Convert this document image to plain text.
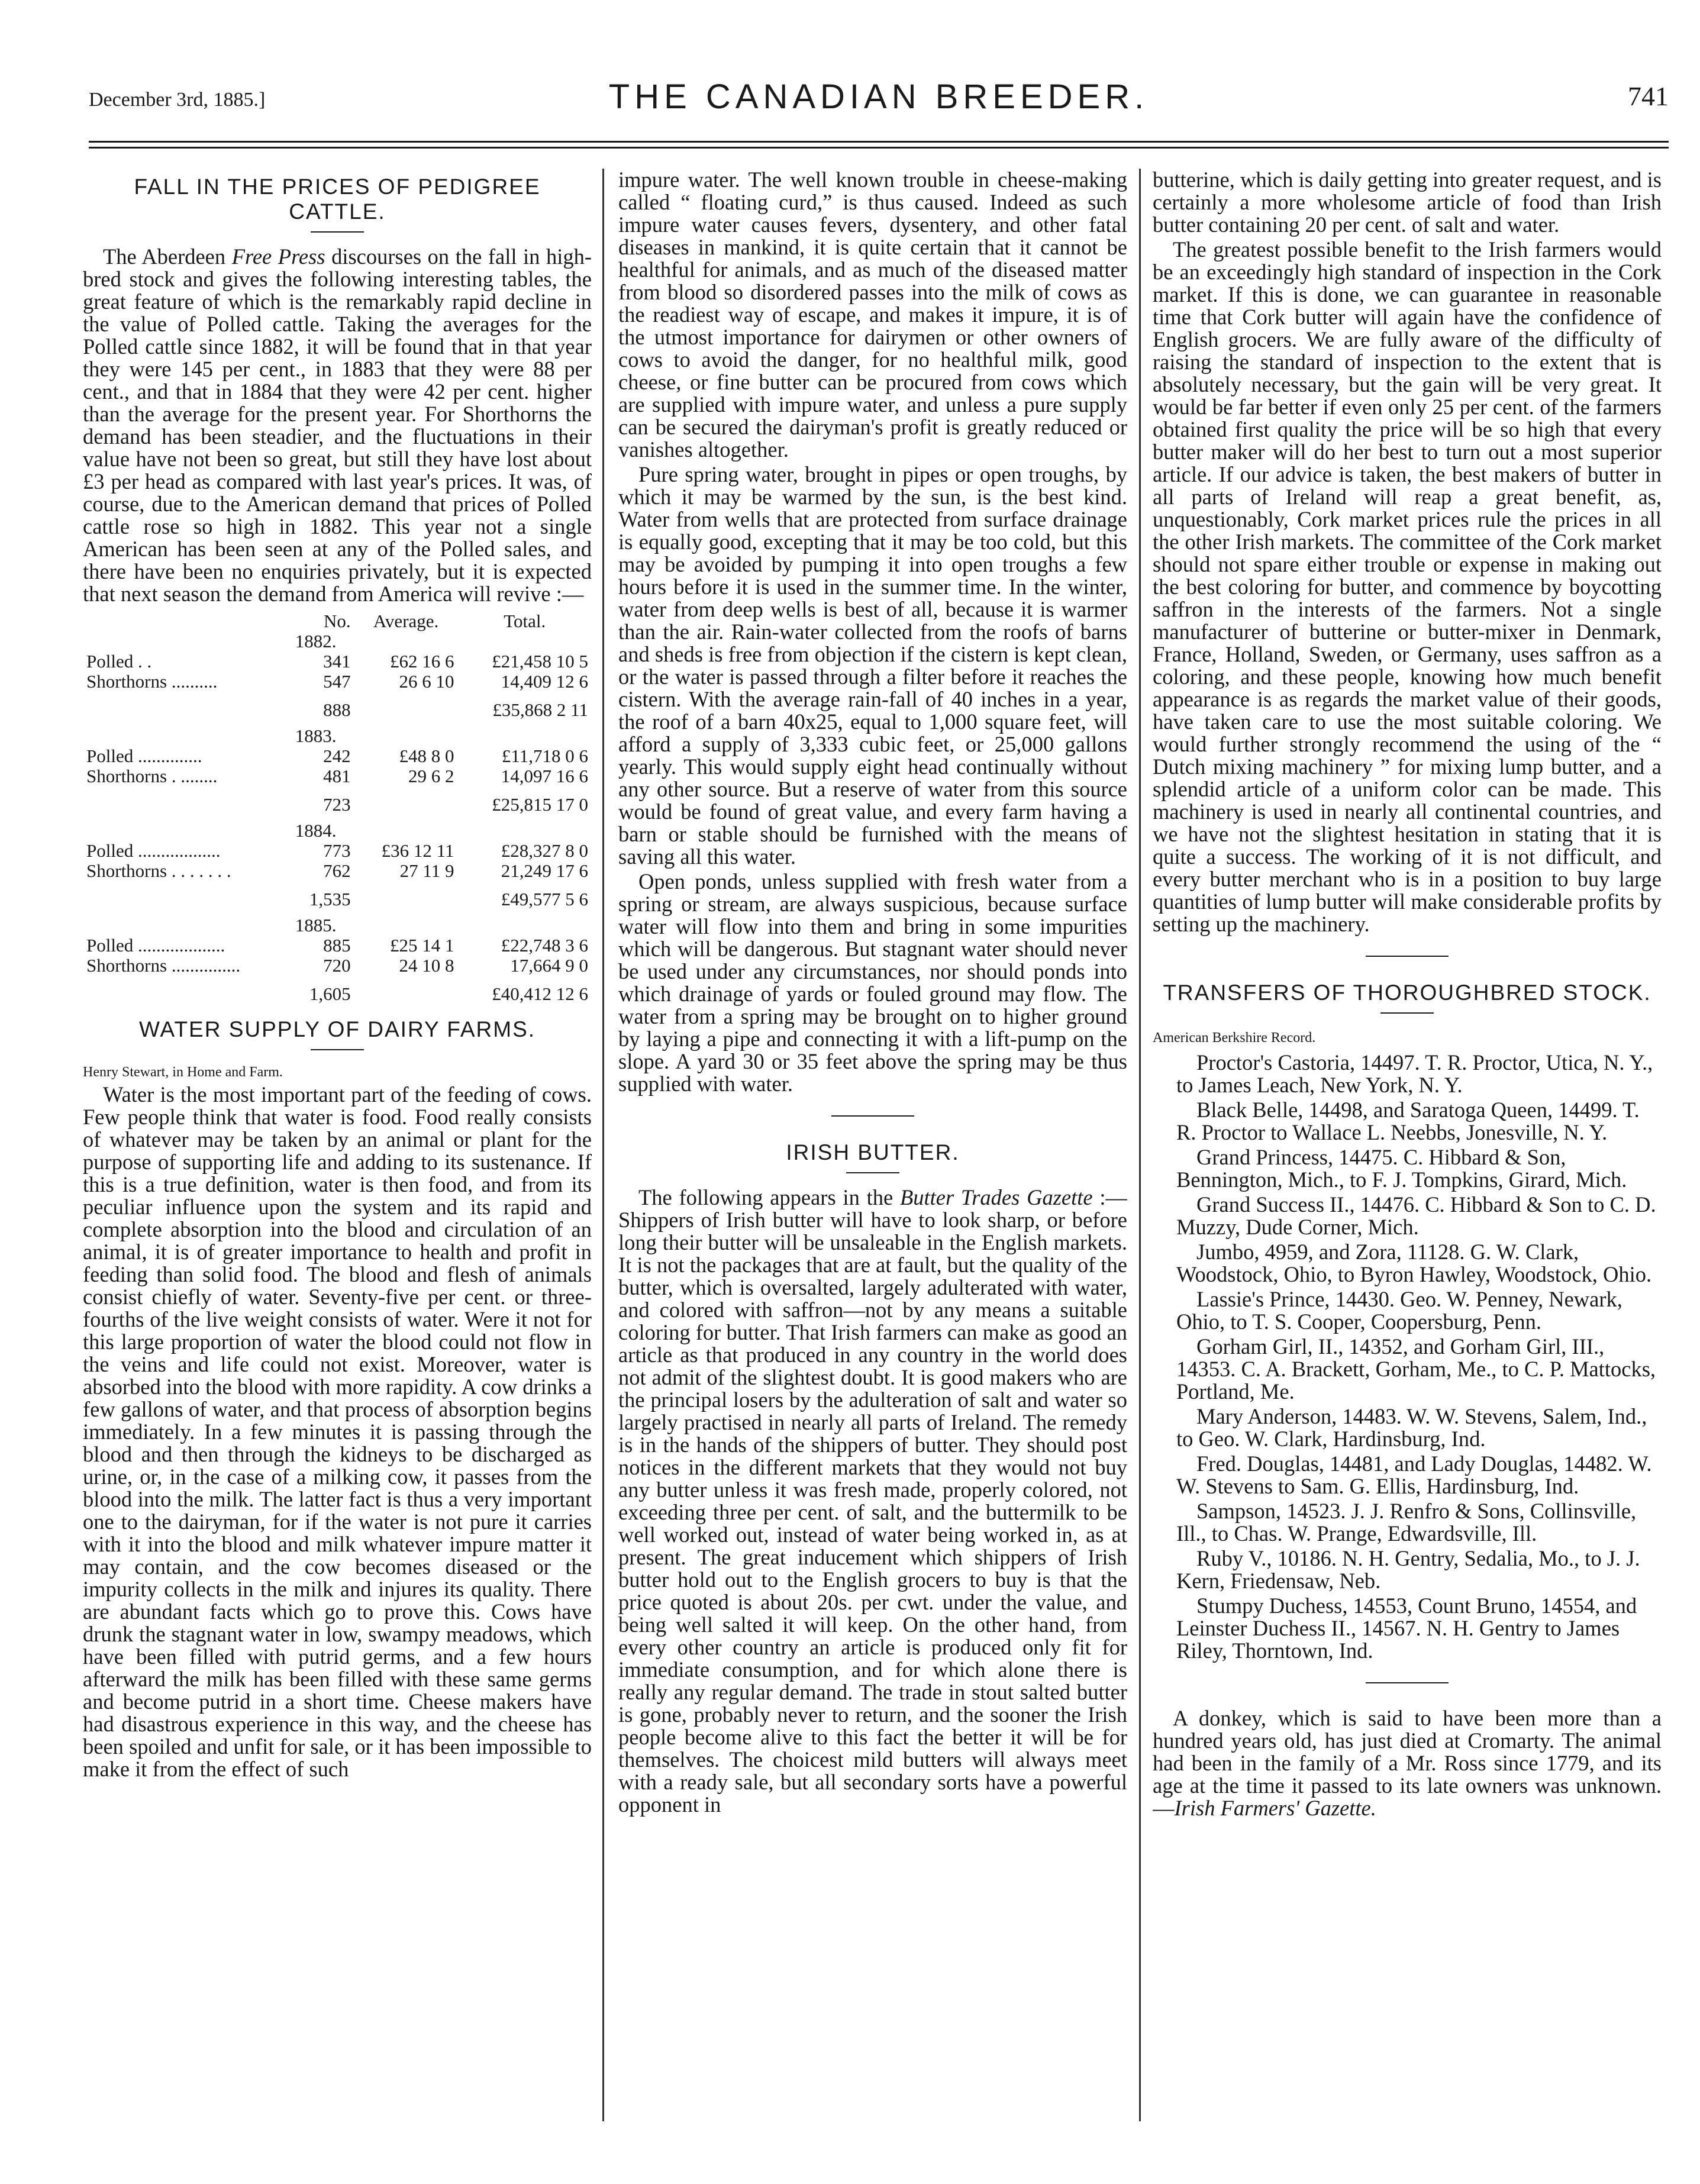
December 3rd, 1885.]	THE CANADIAN BREEDER.	741
FALL IN THE PRICES OF PEDIGREE CATTLE.

The Aberdeen Free Press discourses on the fall in high-bred stock and gives the following interesting tables, the great feature of which is the remarkably rapid decline in the value of Polled cattle. Taking the averages for the Polled cattle since 1882, it will be found that in that year they were 145 per cent., in 1883 that they were 88 per cent., and that in 1884 that they were 42 per cent. higher than the average for the present year. For Shorthorns the demand has been steadier, and the fluctuations in their value have not been so great, but still they have lost about £3 per head as compared with last year's prices. It was, of course, due to the American demand that prices of Polled cattle rose so high in 1882. This year not a single American has been seen at any of the Polled sales, and there have been no enquiries privately, but it is expected that next season the demand from America will revive :—

	No.	Average.	Total.
	1882.		
Polled . .	341	£62 16 6	£21,458 10 5
Shorthorns ..........	547	26 6 10	14,409 12 6
	888		£35,868 2 11
	1883.		
Polled ..............	242	£48 8 0	£11,718 0 6
Shorthorns . ........	481	29 6 2	14,097 16 6
	723		£25,815 17 0
	1884.		
Polled ..................	773	£36 12 11	£28,327 8 0
Shorthorns . . . . . . .	762	27 11 9	21,249 17 6
	1,535		£49,577 5 6
	1885.		
Polled ...................	885	£25 14 1	£22,748 3 6
Shorthorns ...............	720	24 10 8	17,664 9 0
	1,605		£40,412 12 6
WATER SUPPLY OF DAIRY FARMS.

Henry Stewart, in Home and Farm.

Water is the most important part of the feeding of cows. Few people think that water is food. Food really consists of whatever may be taken by an animal or plant for the purpose of supporting life and adding to its sustenance. If this is a true definition, water is then food, and from its peculiar influence upon the system and its rapid and complete absorption into the blood and circulation of an animal, it is of greater importance to health and profit in feeding than solid food. The blood and flesh of animals consist chiefly of water. Seventy-five per cent. or three-fourths of the live weight consists of water. Were it not for this large proportion of water the blood could not flow in the veins and life could not exist. Moreover, water is absorbed into the blood with more rapidity. A cow drinks a few gallons of water, and that process of absorption begins immediately. In a few minutes it is passing through the blood and then through the kidneys to be discharged as urine, or, in the case of a milking cow, it passes from the blood into the milk. The latter fact is thus a very important one to the dairyman, for if the water is not pure it carries with it into the blood and milk whatever impure matter it may contain, and the cow becomes diseased or the impurity collects in the milk and injures its quality. There are abundant facts which go to prove this. Cows have drunk the stagnant water in low, swampy meadows, which have been filled with putrid germs, and a few hours afterward the milk has been filled with these same germs and become putrid in a short time. Cheese makers have had disastrous experience in this way, and the cheese has been spoiled and unfit for sale, or it has been impossible to make it from the effect of such

impure water. The well known trouble in cheese-making called “ floating curd,” is thus caused. Indeed as such impure water causes fevers, dysentery, and other fatal diseases in mankind, it is quite certain that it cannot be healthful for animals, and as much of the diseased matter from blood so disordered passes into the milk of cows as the readiest way of escape, and makes it impure, it is of the utmost importance for dairymen or other owners of cows to avoid the danger, for no healthful milk, good cheese, or fine butter can be procured from cows which are supplied with impure water, and unless a pure supply can be secured the dairyman's profit is greatly reduced or vanishes altogether.

Pure spring water, brought in pipes or open troughs, by which it may be warmed by the sun, is the best kind. Water from wells that are protected from surface drainage is equally good, excepting that it may be too cold, but this may be avoided by pumping it into open troughs a few hours before it is used in the summer time. In the winter, water from deep wells is best of all, because it is warmer than the air. Rain-water collected from the roofs of barns and sheds is free from objection if the cistern is kept clean, or the water is passed through a filter before it reaches the cistern. With the average rain-fall of 40 inches in a year, the roof of a barn 40x25, equal to 1,000 square feet, will afford a supply of 3,333 cubic feet, or 25,000 gallons yearly. This would supply eight head continually without any other source. But a reserve of water from this source would be found of great value, and every farm having a barn or stable should be furnished with the means of saving all this water.

Open ponds, unless supplied with fresh water from a spring or stream, are always suspicious, because surface water will flow into them and bring in some impurities which will be dangerous. But stagnant water should never be used under any circumstances, nor should ponds into which drainage of yards or fouled ground may flow. The water from a spring may be brought on to higher ground by laying a pipe and connecting it with a lift-pump on the slope. A yard 30 or 35 feet above the spring may be thus supplied with water.

IRISH BUTTER.

The following appears in the Butter Trades Gazette :—Shippers of Irish butter will have to look sharp, or before long their butter will be unsaleable in the English markets. It is not the packages that are at fault, but the quality of the butter, which is oversalted, largely adulterated with water, and colored with saffron—not by any means a suitable coloring for butter. That Irish farmers can make as good an article as that produced in any country in the world does not admit of the slightest doubt. It is good makers who are the principal losers by the adulteration of salt and water so largely practised in nearly all parts of Ireland. The remedy is in the hands of the shippers of butter. They should post notices in the different markets that they would not buy any butter unless it was fresh made, properly colored, not exceeding three per cent. of salt, and the buttermilk to be well worked out, instead of water being worked in, as at present. The great inducement which shippers of Irish butter hold out to the English grocers to buy is that the price quoted is about 20s. per cwt. under the value, and being well salted it will keep. On the other hand, from every other country an article is produced only fit for immediate consumption, and for which alone there is really any regular demand. The trade in stout salted butter is gone, probably never to return, and the sooner the Irish people become alive to this fact the better it will be for themselves. The choicest mild butters will always meet with a ready sale, but all secondary sorts have a powerful opponent in

butterine, which is daily getting into greater request, and is certainly a more wholesome article of food than Irish butter containing 20 per cent. of salt and water.

The greatest possible benefit to the Irish farmers would be an exceedingly high standard of inspection in the Cork market. If this is done, we can guarantee in reasonable time that Cork butter will again have the confidence of English grocers. We are fully aware of the difficulty of raising the standard of inspection to the extent that is absolutely necessary, but the gain will be very great. It would be far better if even only 25 per cent. of the farmers obtained first quality the price will be so high that every butter maker will do her best to turn out a most superior article. If our advice is taken, the best makers of butter in all parts of Ireland will reap a great benefit, as, unquestionably, Cork market prices rule the prices in all the other Irish markets. The committee of the Cork market should not spare either trouble or expense in making out the best coloring for butter, and commence by boycotting saffron in the interests of the farmers. Not a single manufacturer of butterine or butter-mixer in Denmark, France, Holland, Sweden, or Germany, uses saffron as a coloring, and these people, knowing how much benefit appearance is as regards the market value of their goods, have taken care to use the most suitable coloring. We would further strongly recommend the using of the “ Dutch mixing machinery ” for mixing lump butter, and a splendid article of a uniform color can be made. This machinery is used in nearly all continental countries, and we have not the slightest hesitation in stating that it is quite a success. The working of it is not difficult, and every butter merchant who is in a position to buy large quantities of lump butter will make considerable profits by setting up the machinery.

TRANSFERS OF THOROUGHBRED STOCK.

American Berkshire Record.

Proctor's Castoria, 14497. T. R. Proctor, Utica, N. Y., to James Leach, New York, N. Y.

Black Belle, 14498, and Saratoga Queen, 14499. T. R. Proctor to Wallace L. Neebbs, Jonesville, N. Y.

Grand Princess, 14475. C. Hibbard & Son, Bennington, Mich., to F. J. Tompkins, Girard, Mich.

Grand Success II., 14476. C. Hibbard & Son to C. D. Muzzy, Dude Corner, Mich.

Jumbo, 4959, and Zora, 11128. G. W. Clark, Woodstock, Ohio, to Byron Hawley, Woodstock, Ohio.

Lassie's Prince, 14430. Geo. W. Penney, Newark, Ohio, to T. S. Cooper, Coopersburg, Penn.

Gorham Girl, II., 14352, and Gorham Girl, III., 14353. C. A. Brackett, Gorham, Me., to C. P. Mattocks, Portland, Me.

Mary Anderson, 14483. W. W. Stevens, Salem, Ind., to Geo. W. Clark, Hardinsburg, Ind.

Fred. Douglas, 14481, and Lady Douglas, 14482. W. W. Stevens to Sam. G. Ellis, Hardinsburg, Ind.

Sampson, 14523. J. J. Renfro & Sons, Collinsville, Ill., to Chas. W. Prange, Edwardsville, Ill.

Ruby V., 10186. N. H. Gentry, Sedalia, Mo., to J. J. Kern, Friedensaw, Neb.

Stumpy Duchess, 14553, Count Bruno, 14554, and Leinster Duchess II., 14567. N. H. Gentry to James Riley, Thorntown, Ind.

A donkey, which is said to have been more than a hundred years old, has just died at Cromarty. The animal had been in the family of a Mr. Ross since 1779, and its age at the time it passed to its late owners was unknown.—Irish Farmers' Gazette.
